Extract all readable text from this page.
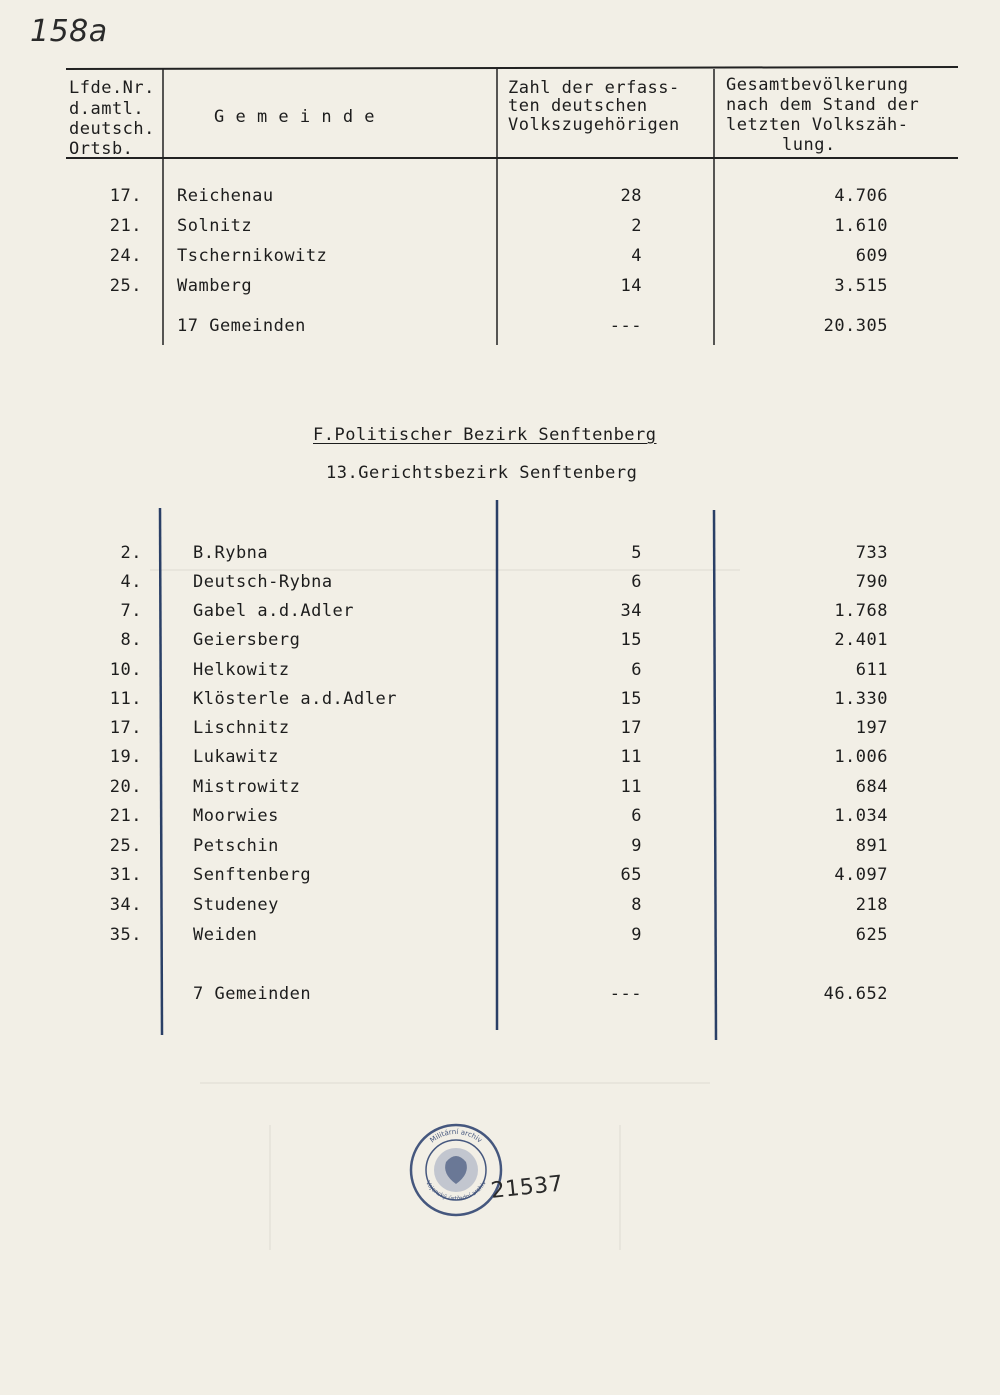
158a
Lfde.Nr.
d.amtl.
deutsch.
Ortsb.
G e m e i n d e
Zahl der erfass-
ten deutschen
Volkszugehörigen
Gesamtbevölkerung
nach dem Stand der
letzten Volkszäh-
lung.
17. Reichenau	28	4.706
21. Solnitz	2	1.610
24. Tschernikowitz	4	609
25. Wamberg	14	3.515
17 Gemeinden	---	20.305
F.Politischer Bezirk Senftenberg
13.Gerichtsbezirk Senftenberg
2.	B.Rybna	5	733
4.	Deutsch-Rybna	6	790
7.	Gabel a.d.Adler	34	1.768
8.	Geiersberg	15	2.401
10.	Helkowitz	6	611
11.	Klösterle a.d.Adler	15	1.330
17.	Lischnitz	17	197
19.	Lukawitz	11	1.006
20.	Mistrowitz	11	684
21.	Moorwies	6	1.034
25.	Petschin	9	891
31.	Senftenberg	65	4.097
34.	Studeney	8	218
35.	Weiden	9	625
7 Gemeinden	---	46.652
Militární archiv
Vojenský ústřední archiv 21537
